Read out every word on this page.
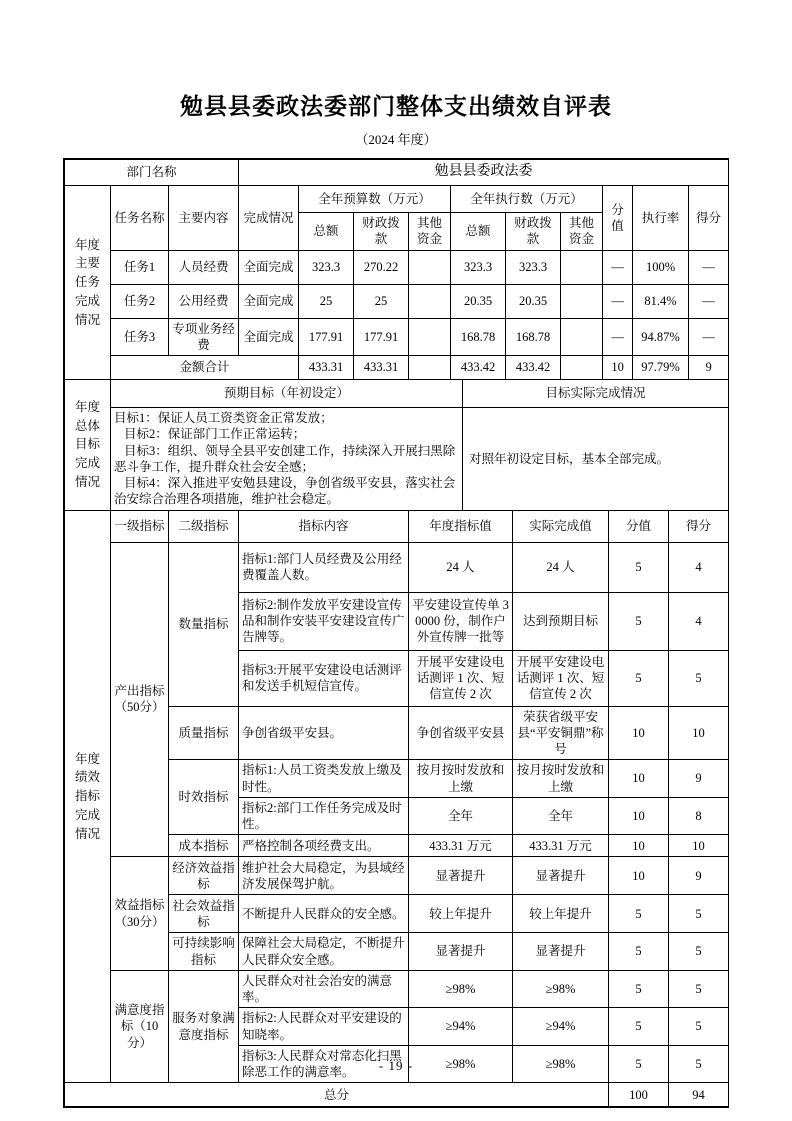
勉县县委政法委部门整体支出绩效自评表
（2024 年度）
部门名称	勉县县委政法委
年度主要任务完成情况	任务名称	主要内容	完成情况	全年预算数（万元）			全年执行数（万元）			分值	执行率	得分
				总额	财政拨款	其他资金	总额	财政拨款	其他资金			
	任务1	人员经费	全面完成	323.3	270.22		323.3	323.3		—	100%	—
	任务2	公用经费	全面完成	25	25		20.35	20.35		—	81.4%	—
	任务3	专项业务经费	全面完成	177.91	177.91		168.78	168.78		—	94.87%	—
	金额合计			433.31	433.31		433.42	433.42		10	97.79%	9
年度总体目标完成情况	预期目标（年初设定）	目标实际完成情况

	目标1：保证人员工资类资金正常发放；
目标2：保证部门工作正常运转；
目标3：组织、领导全县平安创建工作，持续深入开展扫黑除恶斗争工作，提升群众社会安全感；
目标4：深入推进平安勉县建设，争创省级平安县，落实社会治安综合治理各项措施，维护社会稳定。	对照年初设定目标，基本全部完成。
年度绩效指标完成情况	一级指标	二级指标	指标内容	年度指标值	实际完成值	分值	得分
	产出指标（50分）	数量指标	指标1:部门人员经费及公用经费覆盖人数。	24 人	24 人	5	4
			指标2:制作发放平安建设宣传品和制作安装平安建设宣传广告牌等。	平安建设宣传单 30000 份，制作户外宣传牌一批等	达到预期目标	5	4
			指标3:开展平安建设电话测评和发送手机短信宣传。	开展平安建设电话测评 1 次、短信宣传 2 次	开展平安建设电话测评 1 次、短信宣传 2 次	5	5
		质量指标	争创省级平安县。	争创省级平安县	荣获省级平安县“平安铜鼎”称号	10	10
		时效指标	指标1:人员工资类发放上缴及时性。	按月按时发放和上缴	按月按时发放和上缴	10	9
			指标2:部门工作任务完成及时性。	全年	全年	10	8
		成本指标	严格控制各项经费支出。	433.31 万元	433.31 万元	10	10
	效益指标（30分）	经济效益指标	维护社会大局稳定，为县域经济发展保驾护航。	显著提升	显著提升	10	9
		社会效益指标	不断提升人民群众的安全感。	较上年提升	较上年提升	5	5
		可持续影响指标	保障社会大局稳定，不断提升人民群众安全感。	显著提升	显著提升	5	5
	满意度指标（10分）	服务对象满意度指标	人民群众对社会治安的满意率。	≥98%	≥98%	5	5
			指标2:人民群众对平安建设的知晓率。	≥94%	≥94%	5	5
			指标3:人民群众对常态化扫黑除恶工作的满意率。	≥98%	≥98%	5	5
总分						100	94
- 19 -
